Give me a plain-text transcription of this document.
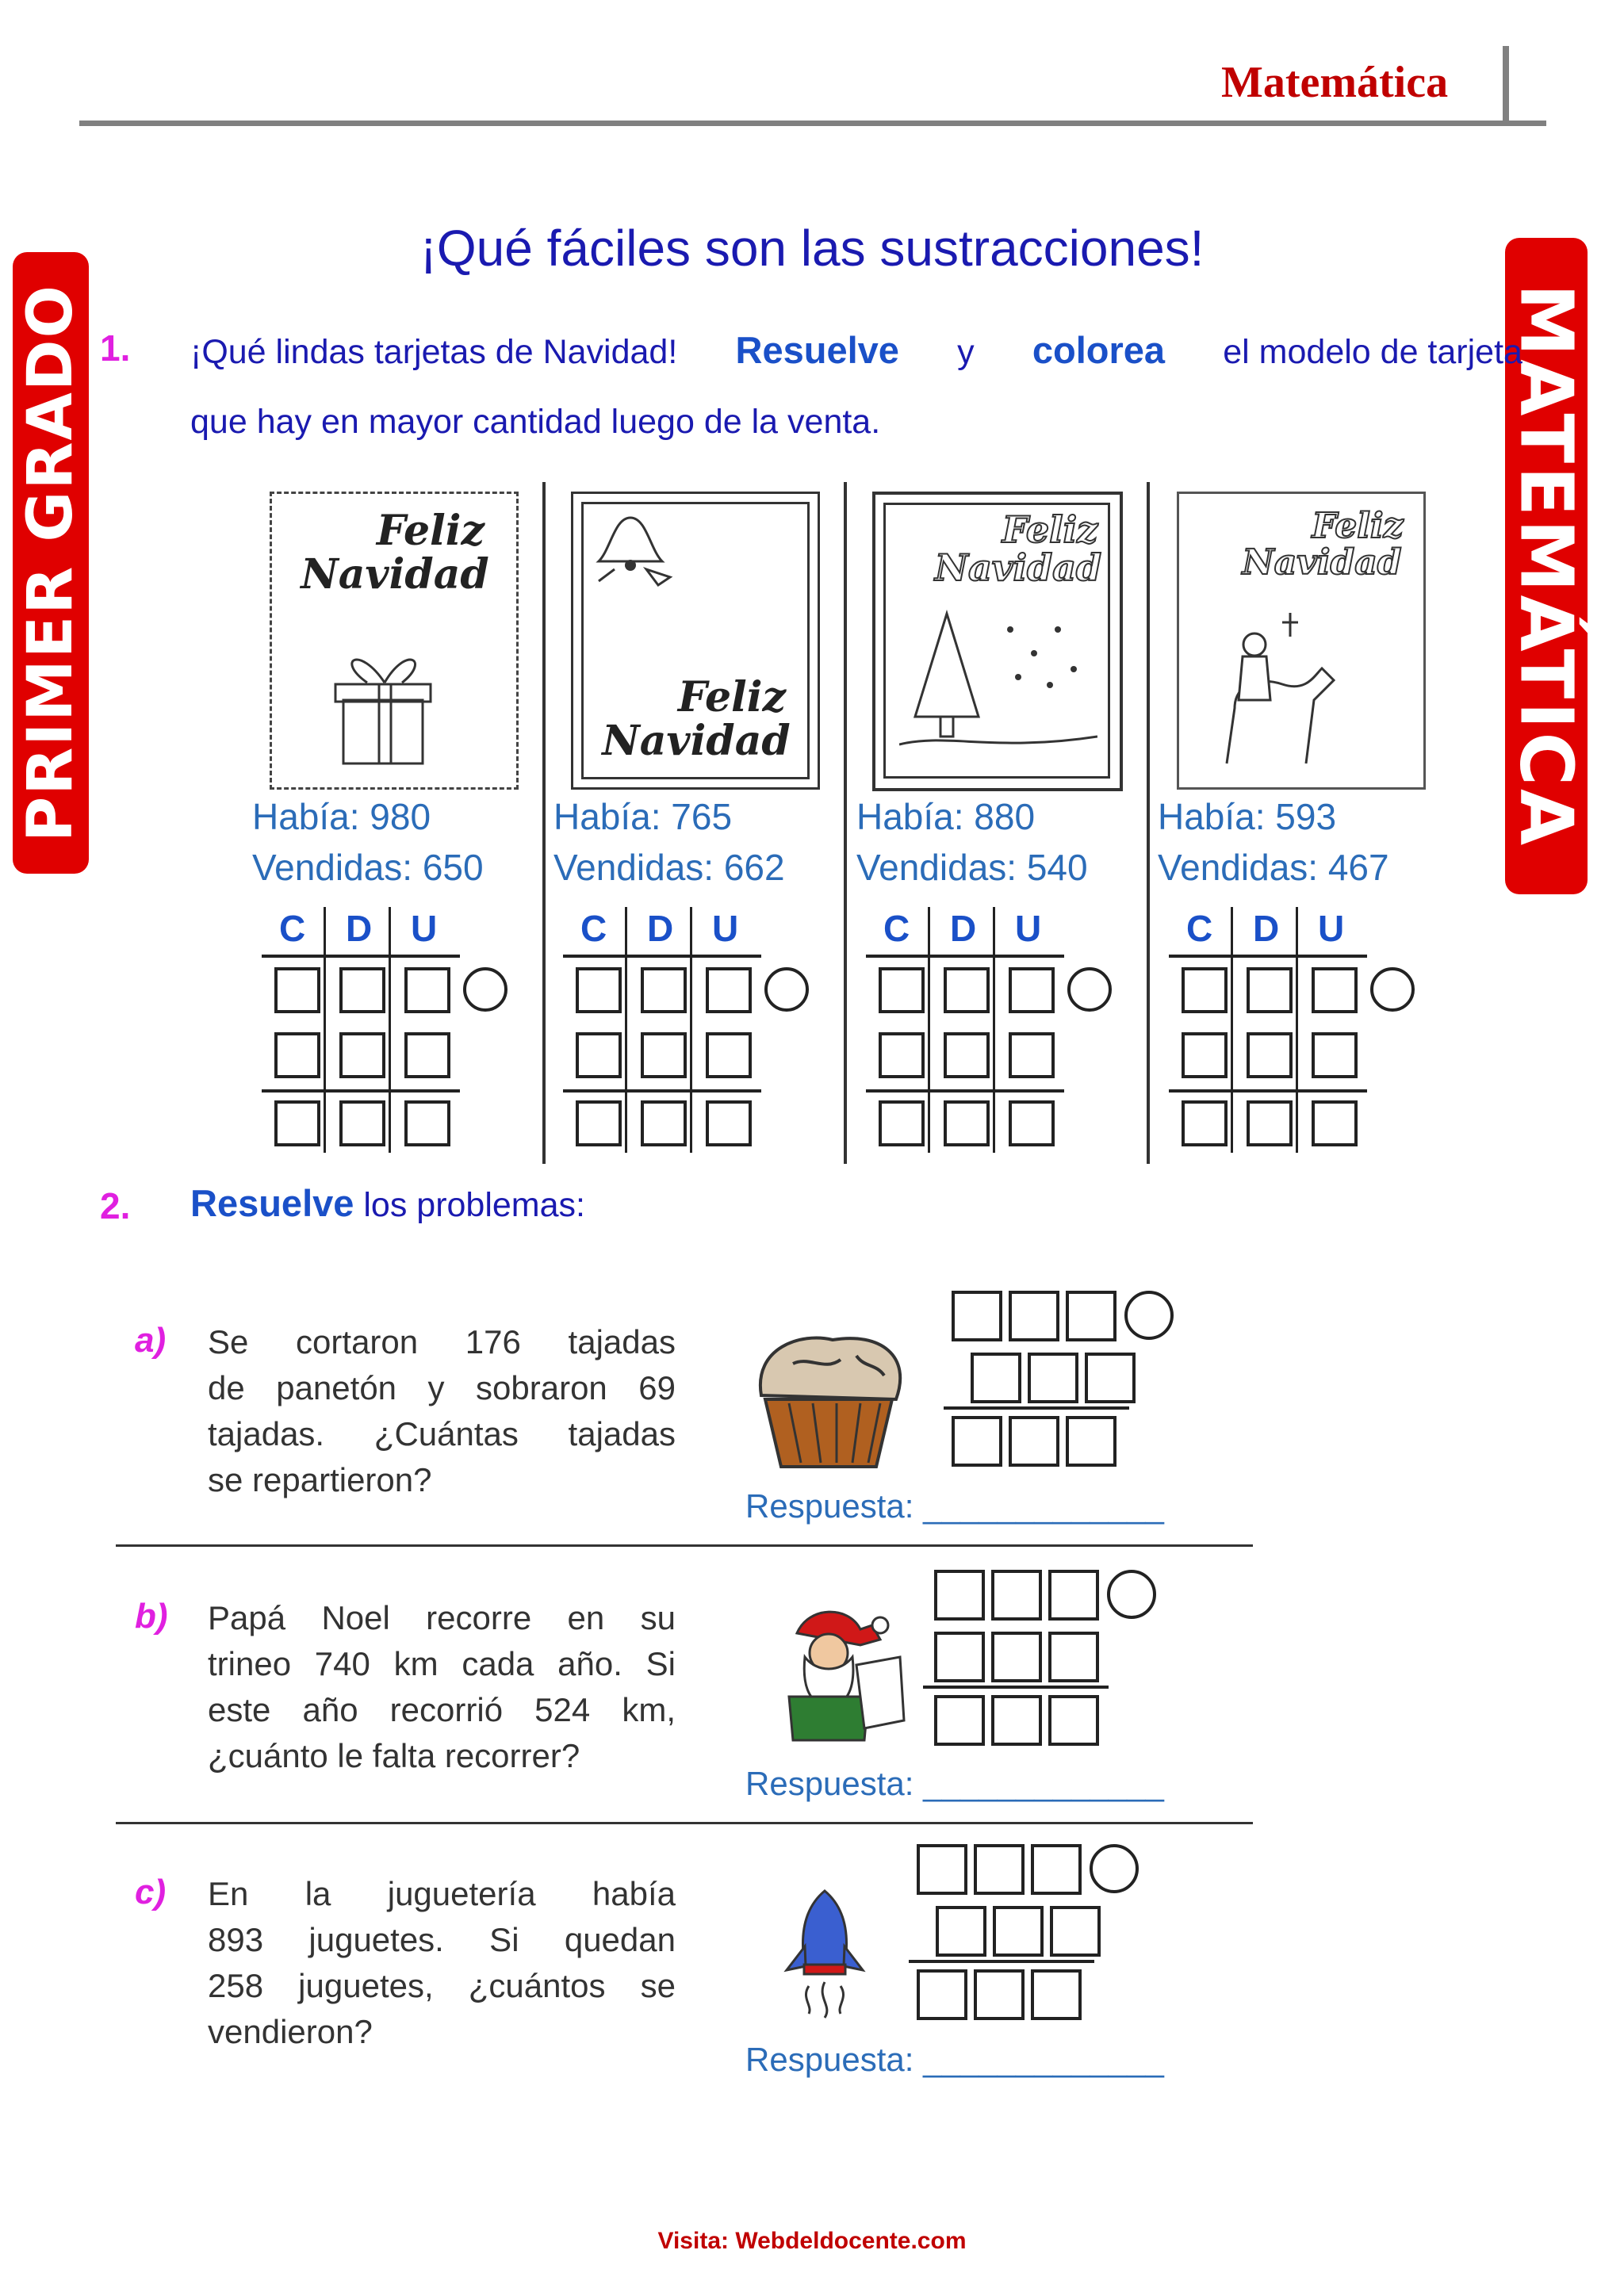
Matemática
PRIMER GRADO	MATEMÁTICA
¡Qué fáciles son las sustracciones!
1. ¡Qué lindas tarjetas de Navidad! Resuelve y colorea el modelo de tarjeta
que hay en mayor cantidad luego de la venta.
Feliz
Navidad
Feliz
Navidad
Feliz
Navidad
Feliz
Navidad
Había: 980
Vendidas: 650
Había: 765
Vendidas: 662
Había: 880
Vendidas: 540
Había: 593
Vendidas: 467
C D U	C D U	C D U	C D U
2. Resuelve los problemas:
a) Se cortaron 176 tajadas
de panetón y sobraron 69
tajadas. ¿Cuántas tajadas
se repartieron?
Respuesta: _____________
b) Papá Noel recorre en su
trineo 740 km cada año. Si
este año recorrió 524 km,
¿cuánto le falta recorrer?
Respuesta: _____________
c) En la juguetería había
893 juguetes. Si quedan
258 juguetes, ¿cuántos se
vendieron?
Respuesta: _____________
Visita: Webdeldocente.com
